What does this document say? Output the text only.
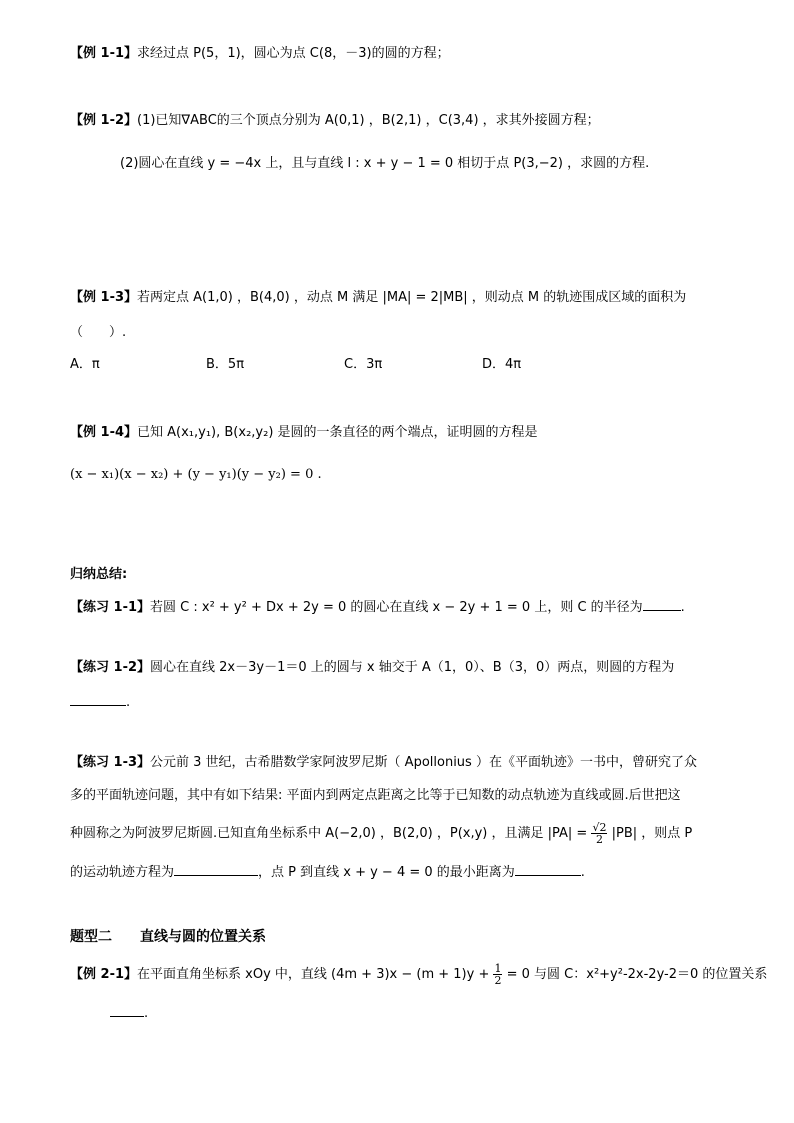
【例 1-1】求经过点 P(5，1)，圆心为点 C(8，－3)的圆的方程；
【例 1-2】(1)已知∇ABC的三个顶点分别为 A(0,1) ，B(2,1) ，C(3,4) ，求其外接圆方程；
(2)圆心在直线 y = −4x 上，且与直线 l : x + y − 1 = 0 相切于点 P(3,−2) ，求圆的方程.
【例 1-3】若两定点 A(1,0) ，B(4,0) ，动点 M 满足 |MA| = 2|MB| ，则动点 M 的轨迹围成区域的面积为
（　　）.
A．π	B．5π	C．3π	D．4π
【例 1-4】已知 A(x₁,y₁), B(x₂,y₂) 是圆的一条直径的两个端点，证明圆的方程是
(x − x₁)(x − x₂) + (y − y₁)(y − y₂) = 0 .
归纳总结:
【练习 1-1】若圆 C : x² + y² + Dx + 2y = 0 的圆心在直线 x − 2y + 1 = 0 上，则 C 的半径为	.
【练习 1-2】圆心在直线 2x－3y－1＝0 上的圆与 x 轴交于 A（1，0）、B（3，0）两点，则圆的方程为
.
【练习 1-3】公元前 3 世纪，古希腊数学家阿波罗尼斯（ Apollonius ）在《平面轨迹》一书中，曾研究了众
多的平面轨迹问题，其中有如下结果: 平面内到两定点距离之比等于已知数的动点轨迹为直线或圆.后世把这
种圆称之为阿波罗尼斯圆.已知直角坐标系中 A(−2,0) ，B(2,0) ，P(x,y) ，且满足 $|PA| = \frac{√2}{2} |PB|$ ，则点 P
的运动轨迹方程为	，点 P 到直线 x + y − 4 = 0 的最小距离为	.
题型二 直线与圆的位置关系
【例 2-1】在平面直角坐标系 xOy 中，直线 $(4m + 3)x - (m + 1)y + \frac{1}{2} = 0$ 与圆 C：x²+y²-2x-2y-2＝0 的位置关系
.
